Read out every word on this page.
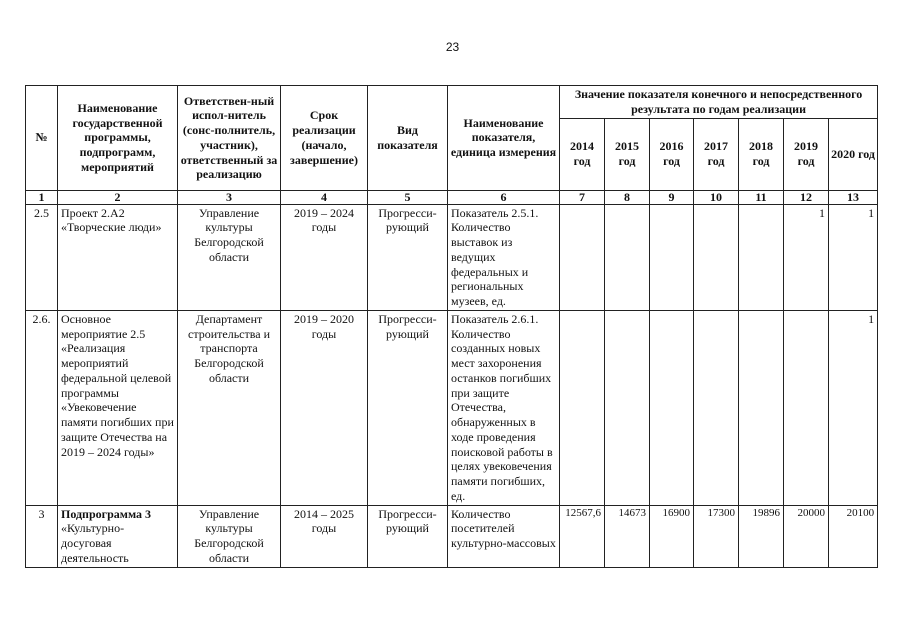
23
№	Наименование государственной программы, подпрограмм, мероприятий	Ответствен-ный испол-нитель (сонс-полнитель, участник), ответственный за реализацию	Срок реализации (начало, завершение)	Вид показателя	Наименование показателя, единица измерения	Значение показателя конечного и непосредственного результата по годам реализации						
						2014 год	2015 год	2016 год	2017 год	2018 год	2019 год	2020 год
1	2	3	4	5	6	7	8	9	10	11	12	13
2.5	Проект 2.А2 «Творческие люди»	Управление культуры Белгородской области	2019 – 2024 годы	Прогресси-рующий	Показатель 2.5.1. Количество выставок из ведущих федеральных и региональных музеев, ед.						1	1
2.6.	Основное мероприятие 2.5 «Реализация мероприятий федеральной целевой программы «Увековечение памяти погибших при защите Отечества на 2019 – 2024 годы»	Департамент строительства и транспорта Белгородской области	2019 – 2020 годы	Прогресси-рующий	Показатель 2.6.1. Количество созданных новых мест захоронения останков погибших при защите Отечества, обнаруженных в ходе проведения поисковой работы в целях увековечения памяти погибших, ед.							1
3	Подпрограмма 3 «Культурно-досуговая деятельность	Управление культуры Белгородской области	2014 – 2025 годы	Прогресси-рующий	Количество посетителей культурно-массовых	12567,6	14673	16900	17300	19896	20000	20100
